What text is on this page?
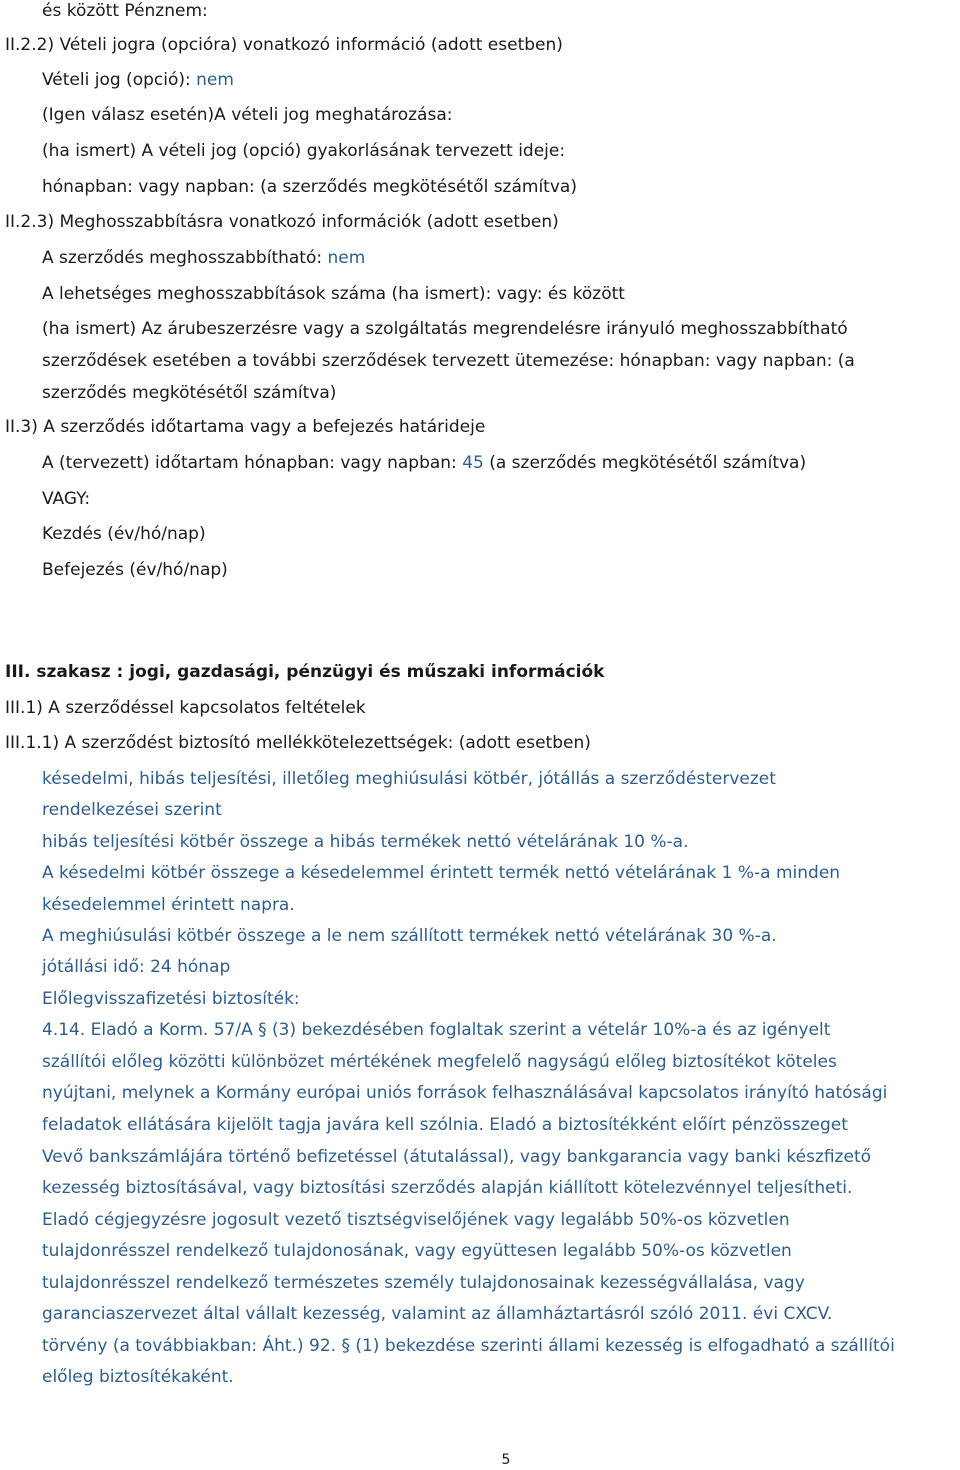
és között Pénznem:
II.2.2) Vételi jogra (opcióra) vonatkozó információ (adott esetben)
Vételi jog (opció): nem
(Igen válasz esetén)A vételi jog meghatározása:
(ha ismert) A vételi jog (opció) gyakorlásának tervezett ideje:
hónapban: vagy napban: (a szerződés megkötésétől számítva)
II.2.3) Meghosszabbításra vonatkozó információk (adott esetben)
A szerződés meghosszabbítható: nem
A lehetséges meghosszabbítások száma (ha ismert): vagy: és között
(ha ismert) Az árubeszerzésre vagy a szolgáltatás megrendelésre irányuló meghosszabbítható
szerződések esetében a további szerződések tervezett ütemezése: hónapban: vagy napban: (a
szerződés megkötésétől számítva)
II.3) A szerződés időtartama vagy a befejezés határideje
A (tervezett) időtartam hónapban: vagy napban: 45 (a szerződés megkötésétől számítva)
VAGY:
Kezdés (év/hó/nap)
Befejezés (év/hó/nap)
III. szakasz : jogi, gazdasági, pénzügyi és műszaki információk
III.1) A szerződéssel kapcsolatos feltételek
III.1.1) A szerződést biztosító mellékkötelezettségek: (adott esetben)
késedelmi, hibás teljesítési, illetőleg meghiúsulási kötbér, jótállás a szerződéstervezet
rendelkezései szerint
hibás teljesítési kötbér összege a hibás termékek nettó vételárának 10 %-a.
A késedelmi kötbér összege a késedelemmel érintett termék nettó vételárának 1 %-a minden
késedelemmel érintett napra.
A meghiúsulási kötbér összege a le nem szállított termékek nettó vételárának 30 %-a.
jótállási idő: 24 hónap
Előlegvisszafizetési biztosíték:
4.14. Eladó a Korm. 57/A § (3) bekezdésében foglaltak szerint a vételár 10%-a és az igényelt
szállítói előleg közötti különbözet mértékének megfelelő nagyságú előleg biztosítékot köteles
nyújtani, melynek a Kormány európai uniós források felhasználásával kapcsolatos irányító hatósági
feladatok ellátására kijelölt tagja javára kell szólnia. Eladó a biztosítékként előírt pénzösszeget
Vevő bankszámlájára történő befizetéssel (átutalással), vagy bankgarancia vagy banki készfizető
kezesség biztosításával, vagy biztosítási szerződés alapján kiállított kötelezvénnyel teljesítheti.
Eladó cégjegyzésre jogosult vezető tisztségviselőjének vagy legalább 50%-os közvetlen
tulajdonrésszel rendelkező tulajdonosának, vagy együttesen legalább 50%-os közvetlen
tulajdonrésszel rendelkező természetes személy tulajdonosainak kezességvállalása, vagy
garanciaszervezet által vállalt kezesség, valamint az államháztartásról szóló 2011. évi CXCV.
törvény (a továbbiakban: Áht.) 92. § (1) bekezdése szerinti állami kezesség is elfogadható a szállítói
előleg biztosítékaként.
5
